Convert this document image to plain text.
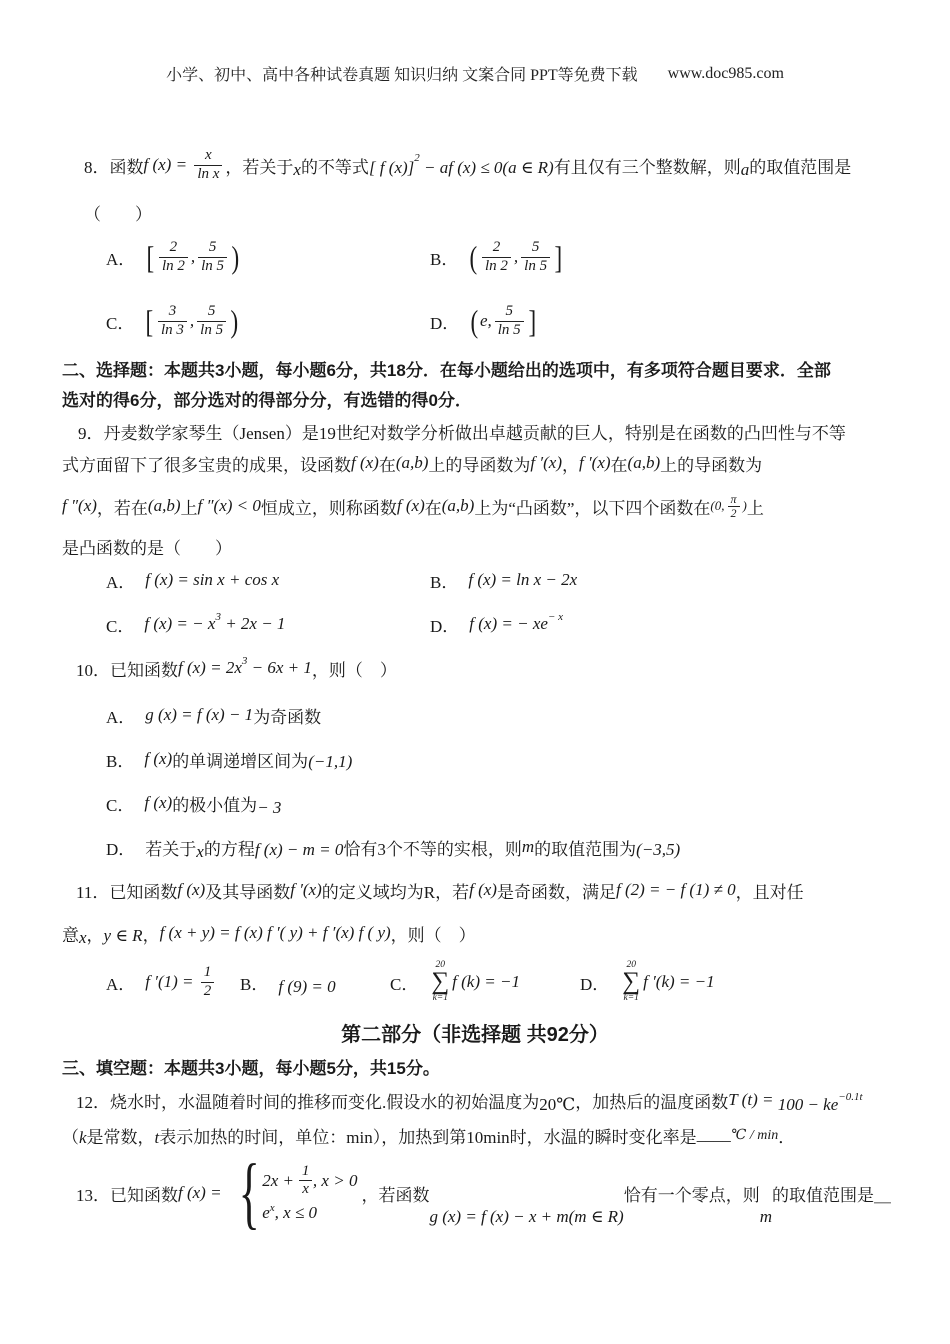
小学、初中、高中各种试卷真题 知识归纳 文案合同 PPT等免费下载 www.doc985.com
8． 函数 f $(x) = \frac{x}{\text{ln x}}$ ，若关于 x 的不等式 [ f (x)] 2 − af (x) ≤ 0(a ∈ R) 有且仅有三个整数解，则 a 的取值范围是
（　　）
A． [ $\frac{2}{\ln 2}$ , $\frac{5}{\ln 5}$ )	B． ( $\frac{2}{\ln 2}$ , $\frac{5}{\ln 5}$ ]
C． [ $\frac{3}{\ln 3}$ , $\frac{5}{\ln 5}$ )	D． ( e, $\frac{5}{\ln 5}$ ]
二、选择题：本题共3小题，每小题6分，共18分．在每小题给出的选项中，有多项符合题目要求．全部
选对的得6分，部分选对的得部分分，有选错的得0分．
9． 丹麦数学家琴生（Jensen）是19世纪对数学分析做出卓越贡献的巨人，特别是在函数的凸凹性与不等
式方面留下了很多宝贵的成果，设函数 f (x) 在 (a,b) 上的导函数为 f ′(x) ， f ′(x) 在 (a,b) 上的导函数为
f ″(x) ，若在 (a,b) 上 f ″(x) < 0 恒成立，则称函数 f (x) 在 (a,b) 上为“凸函数”，以下四个函数在 (0, $\frac{\pi}{2}$ ) 上
是凸函数的是（　　）
A． f (x) = sin x + cos x	B． f (x) = ln x − 2x
C． f (x) = − x 3 + 2x − 1	D． f (x) = − xe − x
10． 已知函数 f (x) = 2x 3 − 6x + 1 ，则（　）
A． g (x) = f (x) − 1 为奇函数
B． f (x) 的单调递增区间为 (−1,1)
C． f (x) 的极小值为 − 3
D． 若关于 x 的方程 f (x) − m = 0 恰有3个不等的实根，则 m 的取值范围为 (−3,5)
11． 已知函数 f (x) 及其导函数 f ′(x) 的定义域均为 R ，若 f (x) 是奇函数，满足 f (2) = − f (1) ≠ 0 ，且对任
意 x ， y ∈ R ， f (x + y) = f (x) f ′( y) + f ′(x) f ( y) ，则（　）
A． f $'(1) = \frac{1}{2}$ B． f (9) = 0	C．
20
∑
k=1
f (k) = −1	D．
20
∑
k=1
f ′(k) = −1
第二部分（非选择题 共92分）
三、填空题：本题共3小题，每小题5分，共15分。
12． 烧水时，水温随着时间的推移而变化.假设水的初始温度为 20℃ ，加热后的温度函数 T (t) = 100 − ke −0.1t
（ k 是常数， t 表示加热的时间，单位：min），加热到第10min时，水温的瞬时变化率是 ____ ℃ / min ．
13． 已知函数 f (x) = { $2x + \frac{1}{x}$ , x > 0
e x , x ≤ 0
，若函数
g (x) = f (x) − x + m(m ∈ R)
恰有一个零点，则
m
的取值范围是 ＿
